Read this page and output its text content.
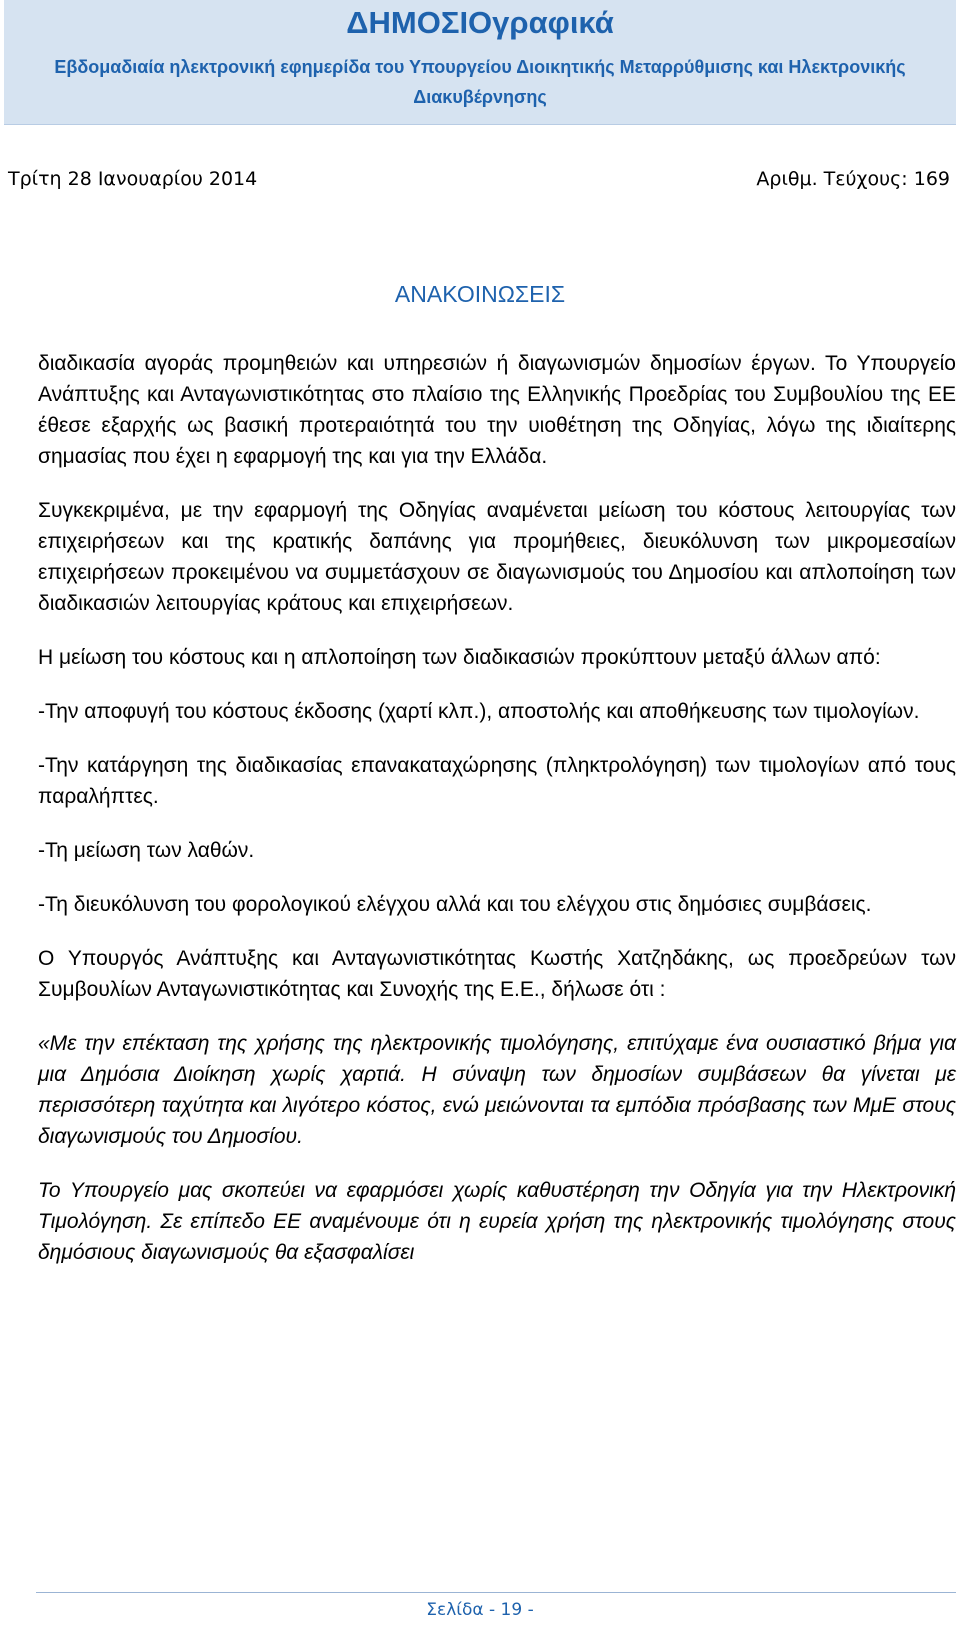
ΔΗΜΟΣΙΟγραφικά
Εβδομαδιαία ηλεκτρονική εφημερίδα του Υπουργείου Διοικητικής Μεταρρύθμισης και Ηλεκτρονικής Διακυβέρνησης
Τρίτη 28 Ιανουαρίου 2014	Αριθμ. Τεύχους: 169
ΑΝΑΚΟΙΝΩΣΕΙΣ

διαδικασία αγοράς προμηθειών και υπηρεσιών ή διαγωνισμών δημοσίων έργων. Το Υπουργείο Ανάπτυξης και Ανταγωνιστικότητας στο πλαίσιο της Ελληνικής Προεδρίας του Συμβουλίου της ΕΕ έθεσε εξαρχής ως βασική προτεραιότητά του την υιοθέτηση της Οδηγίας, λόγω της ιδιαίτερης σημασίας που έχει η εφαρμογή της και για την Ελλάδα.

Συγκεκριμένα, με την εφαρμογή της Οδηγίας αναμένεται μείωση του κόστους λειτουργίας των επιχειρήσεων και της κρατικής δαπάνης για προμήθειες, διευκόλυνση των μικρομεσαίων επιχειρήσεων προκειμένου να συμμετάσχουν σε διαγωνισμούς του Δημοσίου και απλοποίηση των διαδικασιών λειτουργίας κράτους και επιχειρήσεων.

Η μείωση του κόστους και η απλοποίηση των διαδικασιών προκύπτουν μεταξύ άλλων από:

-Την αποφυγή του κόστους έκδοσης (χαρτί κλπ.), αποστολής και αποθήκευσης των τιμολογίων.

-Την κατάργηση της διαδικασίας επανακαταχώρησης (πληκτρολόγηση) των τιμολογίων από τους παραλήπτες.

-Τη μείωση των λαθών.

-Τη διευκόλυνση του φορολογικού ελέγχου αλλά και του ελέγχου στις δημόσιες συμβάσεις.

Ο Υπουργός Ανάπτυξης και Ανταγωνιστικότητας Κωστής Χατζηδάκης, ως προεδρεύων των Συμβουλίων Ανταγωνιστικότητας και Συνοχής της Ε.Ε., δήλωσε ότι :

«Με την επέκταση της χρήσης της ηλεκτρονικής τιμολόγησης, επιτύχαμε ένα ουσιαστικό βήμα για μια Δημόσια Διοίκηση χωρίς χαρτιά. Η σύναψη των δημοσίων συμβάσεων θα γίνεται με περισσότερη ταχύτητα και λιγότερο κόστος, ενώ μειώνονται τα εμπόδια πρόσβασης των ΜμΕ στους διαγωνισμούς του Δημοσίου.

Το Υπουργείο μας σκοπεύει να εφαρμόσει χωρίς καθυστέρηση την Οδηγία για την Ηλεκτρονική Τιμολόγηση. Σε επίπεδο ΕΕ αναμένουμε ότι η ευρεία χρήση της ηλεκτρονικής τιμολόγησης στους δημόσιους διαγωνισμούς θα εξασφαλίσει

Σελίδα - 19 -
